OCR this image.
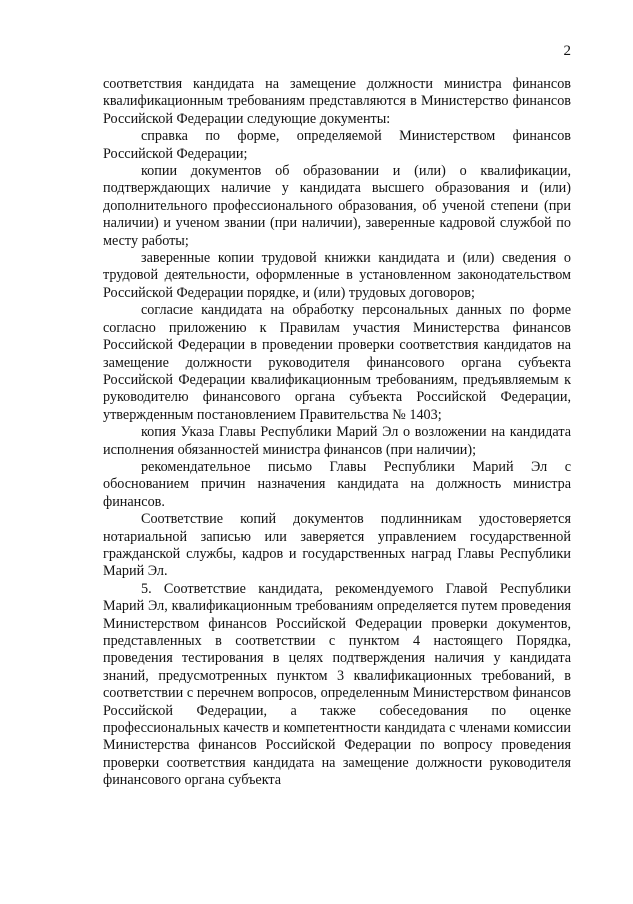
2

соответствия кандидата на замещение должности министра финансов квалификационным требованиям представляются в Министерство финансов Российской Федерации следующие документы:

справка по форме, определяемой Министерством финансов Российской Федерации;

копии документов об образовании и (или) о квалификации, подтверждающих наличие у кандидата высшего образования и (или) дополнительного профессионального образования, об ученой степени (при наличии) и ученом звании (при наличии), заверенные кадровой службой по месту работы;

заверенные копии трудовой книжки кандидата и (или) сведения о трудовой деятельности, оформленные в установленном законодательством Российской Федерации порядке, и (или) трудовых договоров;

согласие кандидата на обработку персональных данных по форме согласно приложению к Правилам участия Министерства финансов Российской Федерации в проведении проверки соответствия кандидатов на замещение должности руководителя финансового органа субъекта Российской Федерации квалификационным требованиям, предъявляемым к руководителю финансового органа субъекта Российской Федерации, утвержденным постановлением Правительства № 1403;

копия Указа Главы Республики Марий Эл о возложении на кандидата исполнения обязанностей министра финансов (при наличии);

рекомендательное письмо Главы Республики Марий Эл с обоснованием причин назначения кандидата на должность министра финансов.

Соответствие копий документов подлинникам удостоверяется нотариальной записью или заверяется управлением государственной гражданской службы, кадров и государственных наград Главы Республики Марий Эл.

5. Соответствие кандидата, рекомендуемого Главой Республики Марий Эл, квалификационным требованиям определяется путем проведения Министерством финансов Российской Федерации проверки документов, представленных в соответствии с пунктом 4 настоящего Порядка, проведения тестирования в целях подтверждения наличия у кандидата знаний, предусмотренных пунктом 3 квалификационных требований, в соответствии с перечнем вопросов, определенным Министерством финансов Российской Федерации, а также собеседования по оценке профессиональных качеств и компетентности кандидата с членами комиссии Министерства финансов Российской Федерации по вопросу проведения проверки соответствия кандидата на замещение должности руководителя финансового органа субъекта
